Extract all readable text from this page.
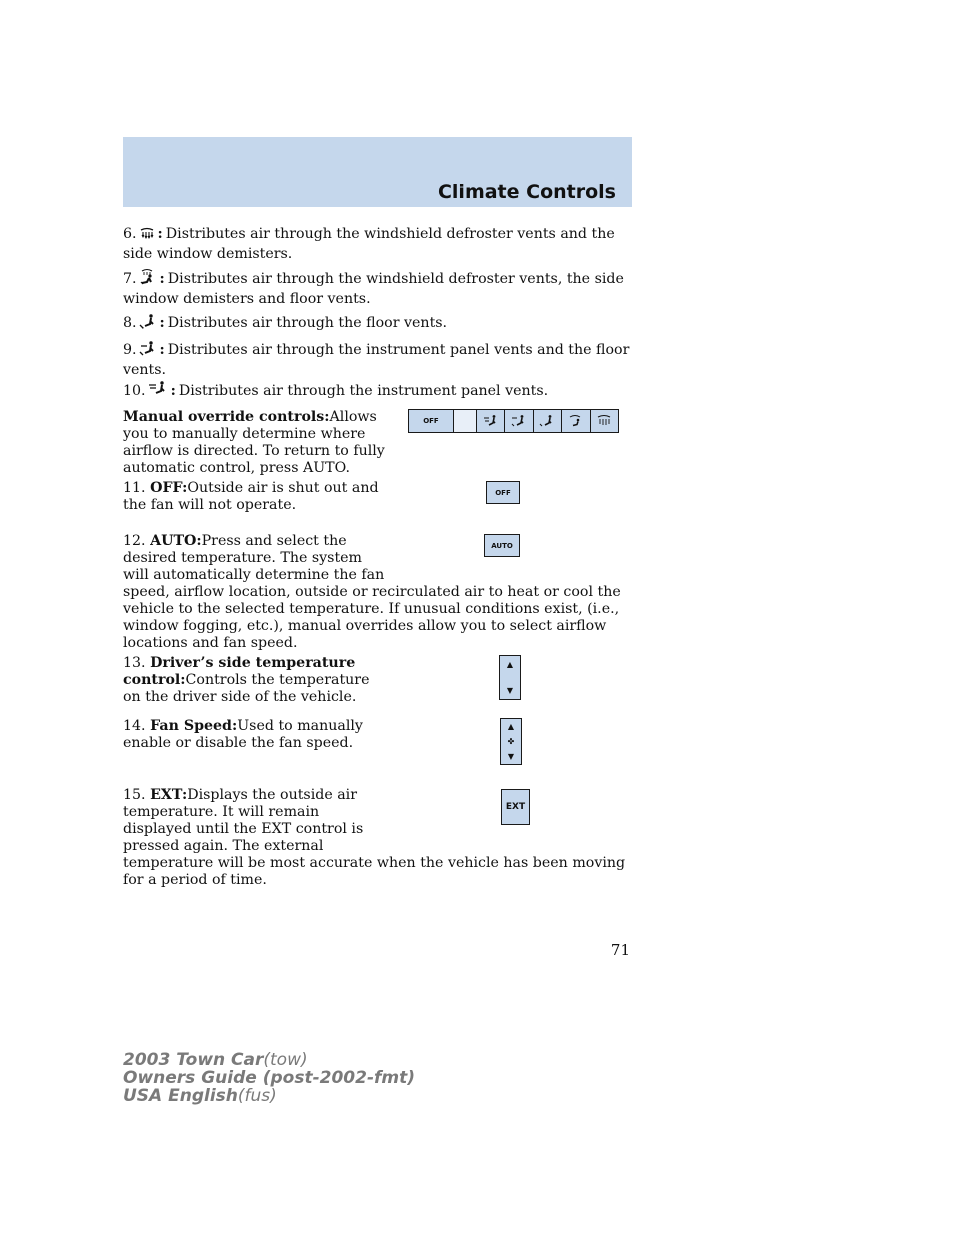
Climate Controls
6. : Distributes air through the windshield defroster vents and the side window demisters.
7. : Distributes air through the windshield defroster vents, the side window demisters and floor vents.
8. : Distributes air through the floor vents.
9. : Distributes air through the instrument panel vents and the floor vents.
10. : Distributes air through the instrument panel vents.
Manual override controls:Allows you to manually determine where airflow is directed. To return to fully automatic control, press AUTO.
OFF
11. OFF:Outside air is shut out and the fan will not operate.
OFF
12. AUTO:Press and select the desired temperature. The system will automatically determine the fan
speed, airflow location, outside or recirculated air to heat or cool the vehicle to the selected temperature. If unusual conditions exist, (i.e., window fogging, etc.), manual overrides allow you to select airflow locations and fan speed.
AUTO
13. Driver’s side temperature control:Controls the temperature on the driver side of the vehicle.
▲
▼
14. Fan Speed:Used to manually enable or disable the fan speed.
▲
✤
▼
15. EXT:Displays the outside air temperature. It will remain displayed until the EXT control is pressed again. The external
temperature will be most accurate when the vehicle has been moving for a period of time.
EXT
71
2003 Town Car(tow)
Owners Guide (post-2002-fmt)
USA English(fus)
